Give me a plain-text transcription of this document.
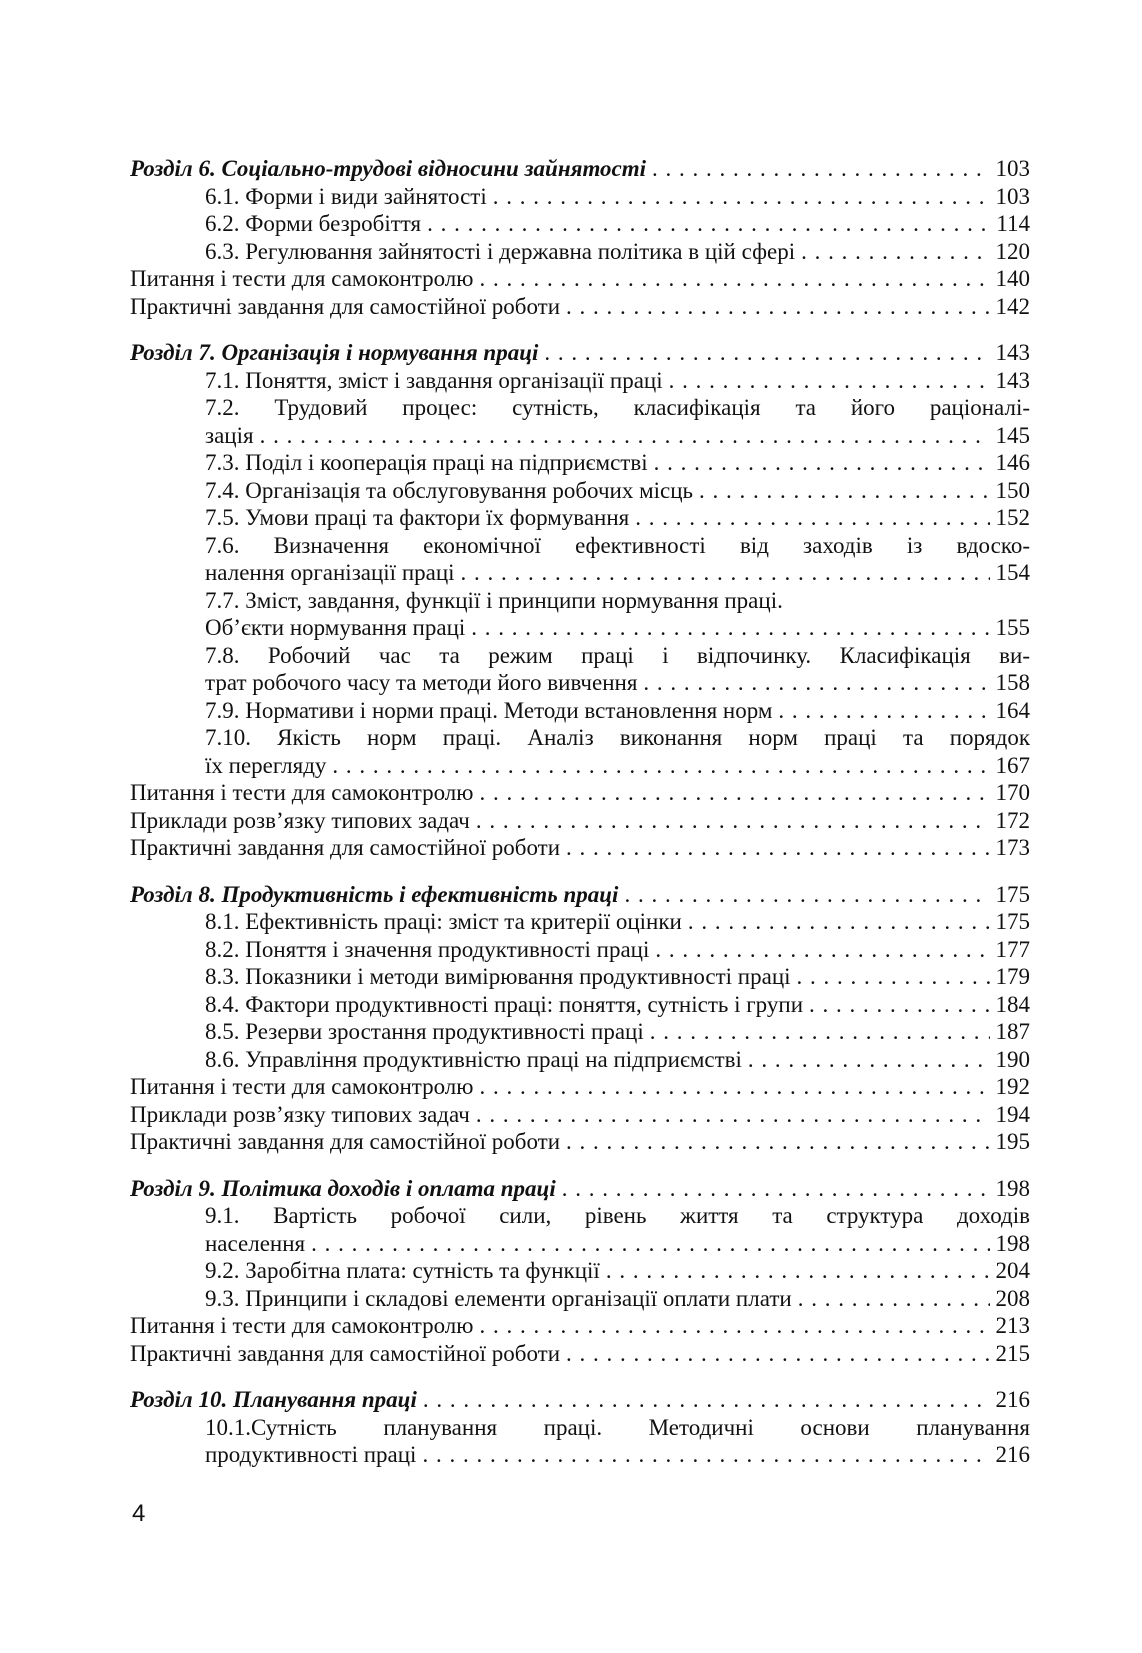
Розділ 6. Соціально-трудові відносини зайнятості . . .	103
6.1. Форми і види зайнятості . . .	103
6.2. Форми безробіття . . .	114
6.3. Регулювання зайнятості і державна політика в цій сфері . . .	120
Питання і тести для самоконтролю . . .	140
Практичні завдання для самостійної роботи . . .	142
Розділ 7. Організація і нормування праці . . .	143
7.1. Поняття, зміст і завдання організації праці . . .	143
7.2. Трудовий процес: сутність, класифікація та його раціоналі-
зація . . .	145
7.3. Поділ і кооперація праці на підприємстві . . .	146
7.4. Організація та обслуговування робочих місць . . .	150
7.5. Умови праці та фактори їх формування . . .	152
7.6. Визначення економічної ефективності від заходів із вдоско-
налення організації праці . . .	154
7.7. Зміст, завдання, функції і принципи нормування праці.
Об’єкти нормування праці . . .	155
7.8. Робочий час та режим праці і відпочинку. Класифікація ви-
трат робочого часу та методи його вивчення . . .	158
7.9. Нормативи і норми праці. Методи встановлення норм . . .	164
7.10. Якість норм праці. Аналіз виконання норм праці та порядок
їх перегляду . . .	167
Питання і тести для самоконтролю . . .	170
Приклади розв’язку типових задач . . .	172
Практичні завдання для самостійної роботи . . .	173
Розділ 8. Продуктивність і ефективність праці . . .	175
8.1. Ефективність праці: зміст та критерії оцінки . . .	175
8.2. Поняття і значення продуктивності праці . . .	177
8.3. Показники і методи вимірювання продуктивності праці . . .	179
8.4. Фактори продуктивності праці: поняття, сутність і групи . . .	184
8.5. Резерви зростання продуктивності праці . . .	187
8.6. Управління продуктивністю праці на підприємстві . . .	190
Питання і тести для самоконтролю . . .	192
Приклади розв’язку типових задач . . .	194
Практичні завдання для самостійної роботи . . .	195
Розділ 9. Політика доходів і оплата праці . . .	198
9.1. Вартість робочої сили, рівень життя та структура доходів
населення . . .	198
9.2. Заробітна плата: сутність та функції . . .	204
9.3. Принципи і складові елементи організації оплати плати . . .	208
Питання і тести для самоконтролю . . .	213
Практичні завдання для самостійної роботи . . .	215
Розділ 10. Планування праці . . .	216
10.1.Сутність планування праці. Методичні основи планування
продуктивності праці . . .	216
4
